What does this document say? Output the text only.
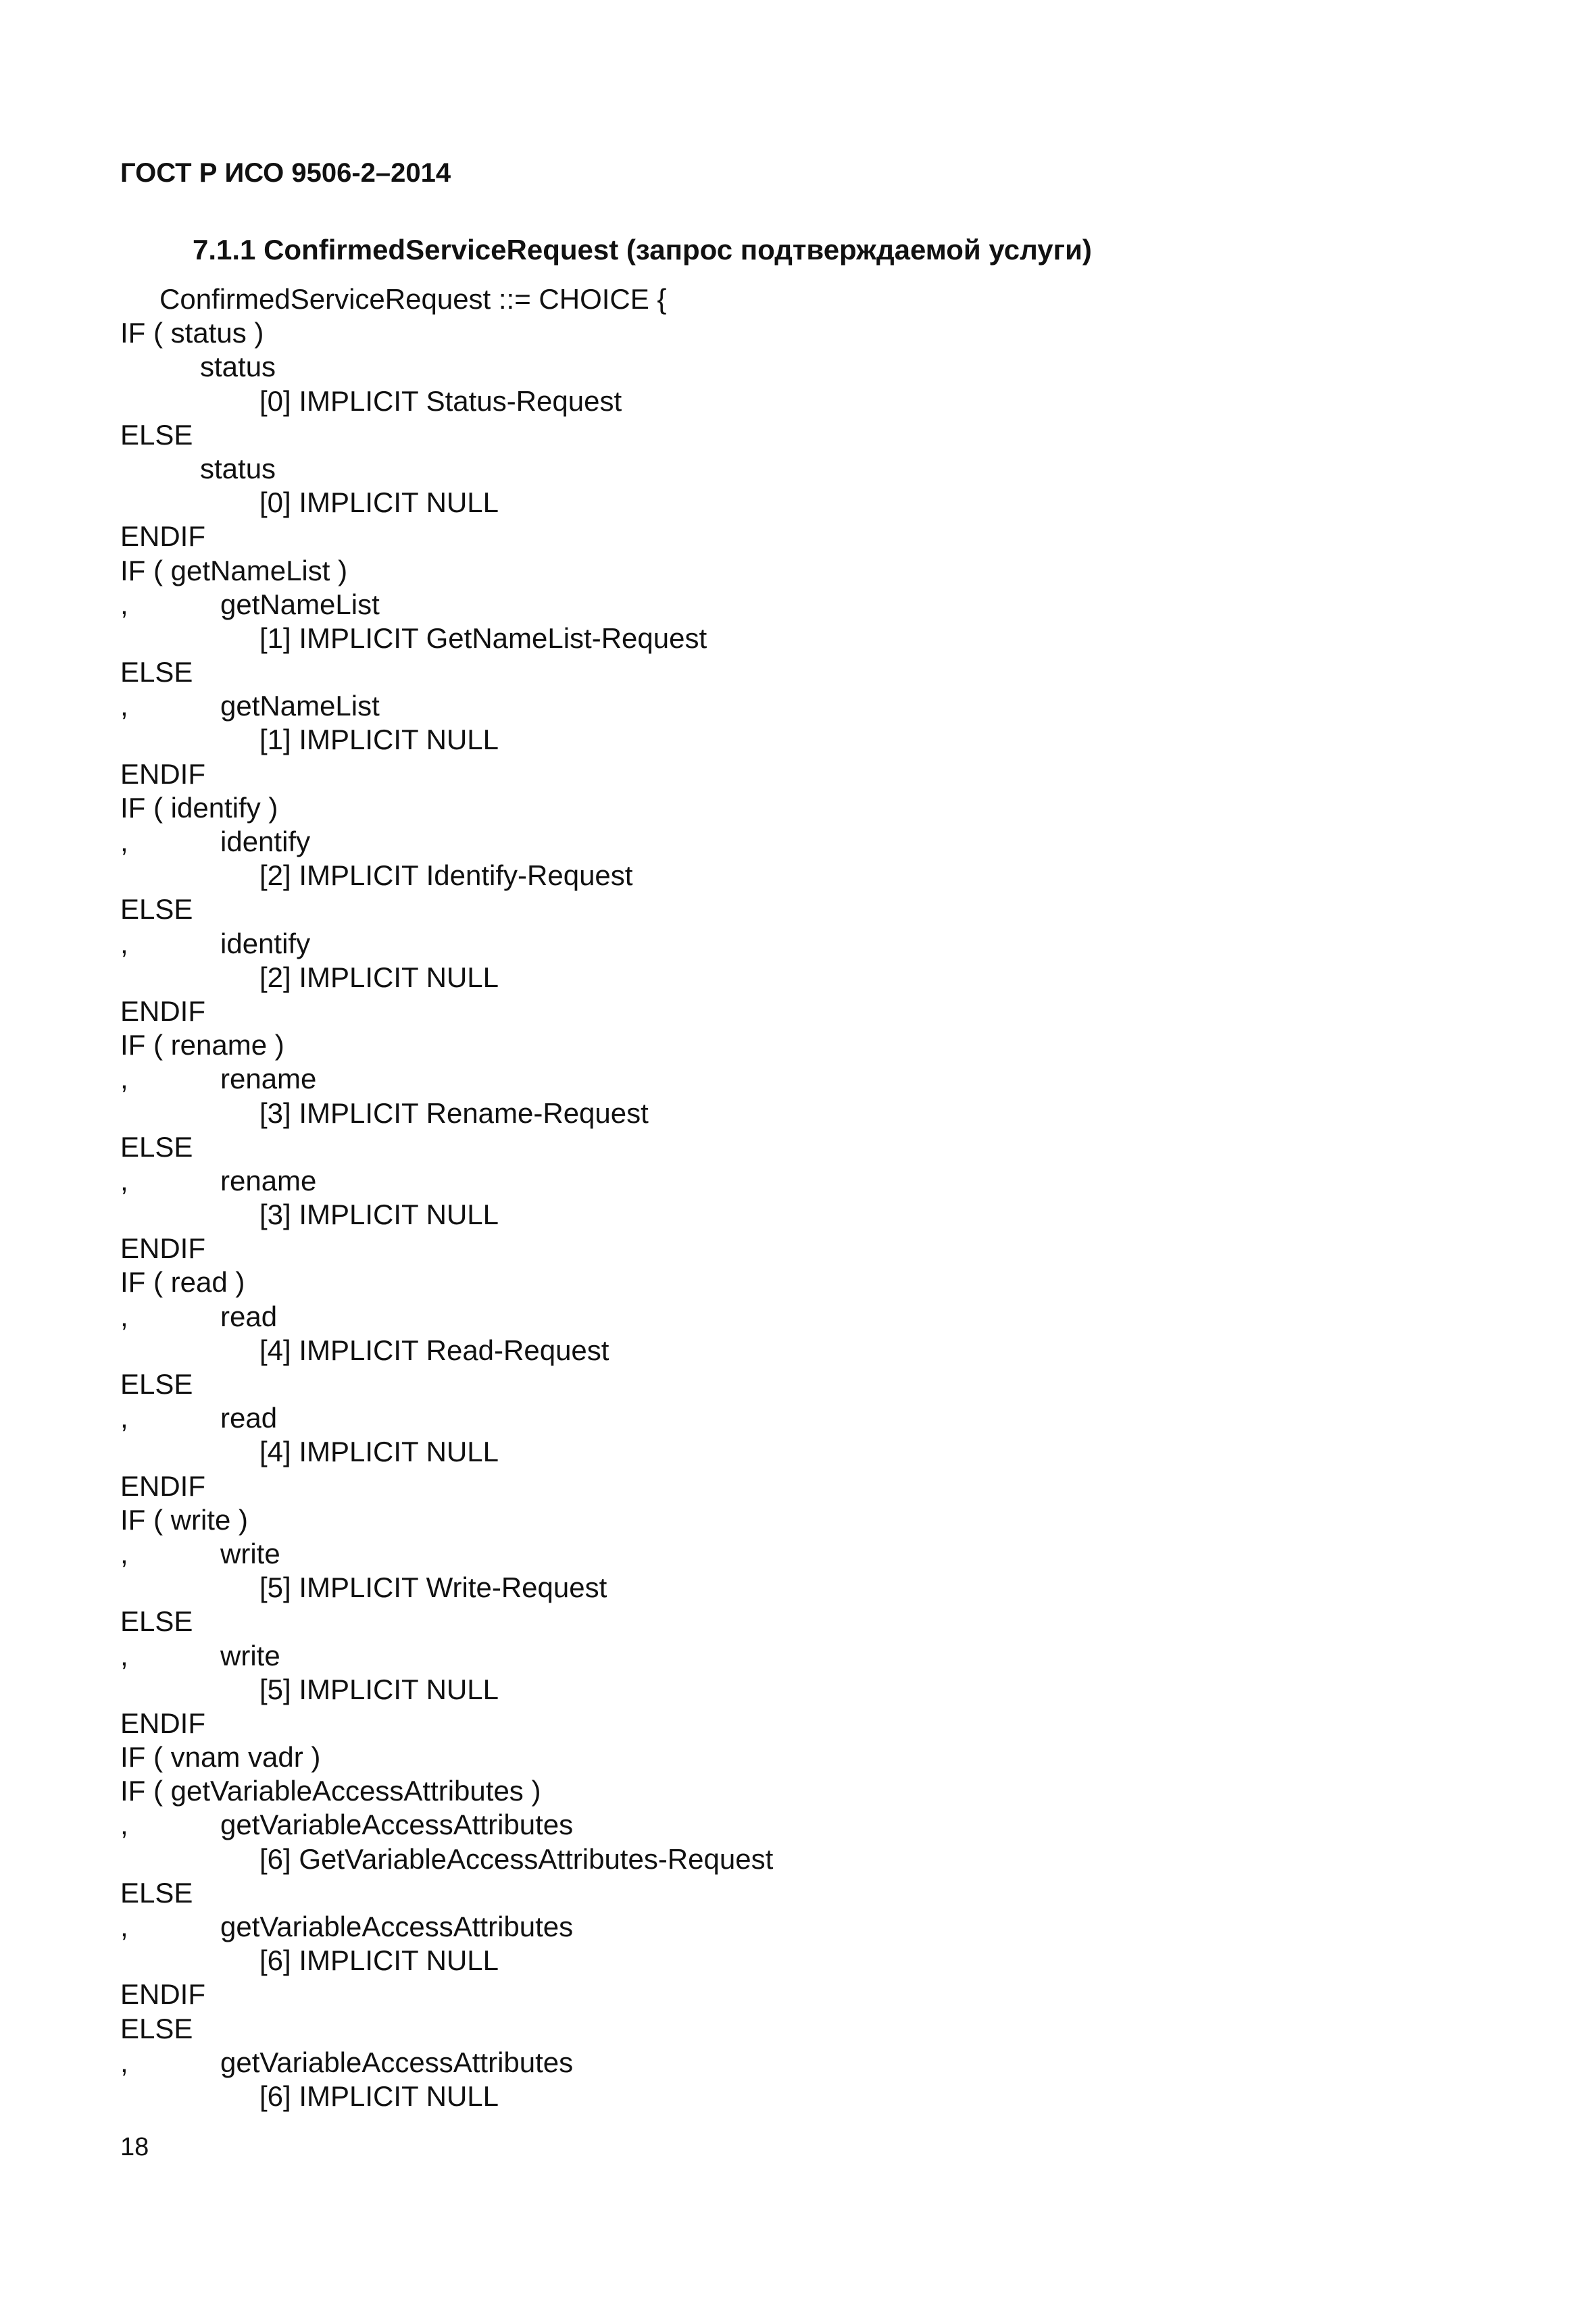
ГОСТ Р ИСО 9506-2–2014
7.1.1 ConfirmedServiceRequest (запрос подтверждаемой услуги)
ConfirmedServiceRequest ::= CHOICE {
IF ( status )
status
[0] IMPLICIT Status-Request
ELSE
status
[0] IMPLICIT NULL
ENDIF
IF ( getNameList )
,	getNameList
[1] IMPLICIT GetNameList-Request
ELSE
,	getNameList
[1] IMPLICIT NULL
ENDIF
IF ( identify )
,	identify
[2] IMPLICIT Identify-Request
ELSE
,	identify
[2] IMPLICIT NULL
ENDIF
IF ( rename )
,	rename
[3] IMPLICIT Rename-Request
ELSE
,	rename
[3] IMPLICIT NULL
ENDIF
IF ( read )
,	read
[4] IMPLICIT Read-Request
ELSE
,	read
[4] IMPLICIT NULL
ENDIF
IF ( write )
,	write
[5] IMPLICIT Write-Request
ELSE
,	write
[5] IMPLICIT NULL
ENDIF
IF ( vnam vadr )
IF ( getVariableAccessAttributes )
,	getVariableAccessAttributes
[6] GetVariableAccessAttributes-Request
ELSE
,	getVariableAccessAttributes
[6] IMPLICIT NULL
ENDIF
ELSE
,	getVariableAccessAttributes
[6] IMPLICIT NULL
18
